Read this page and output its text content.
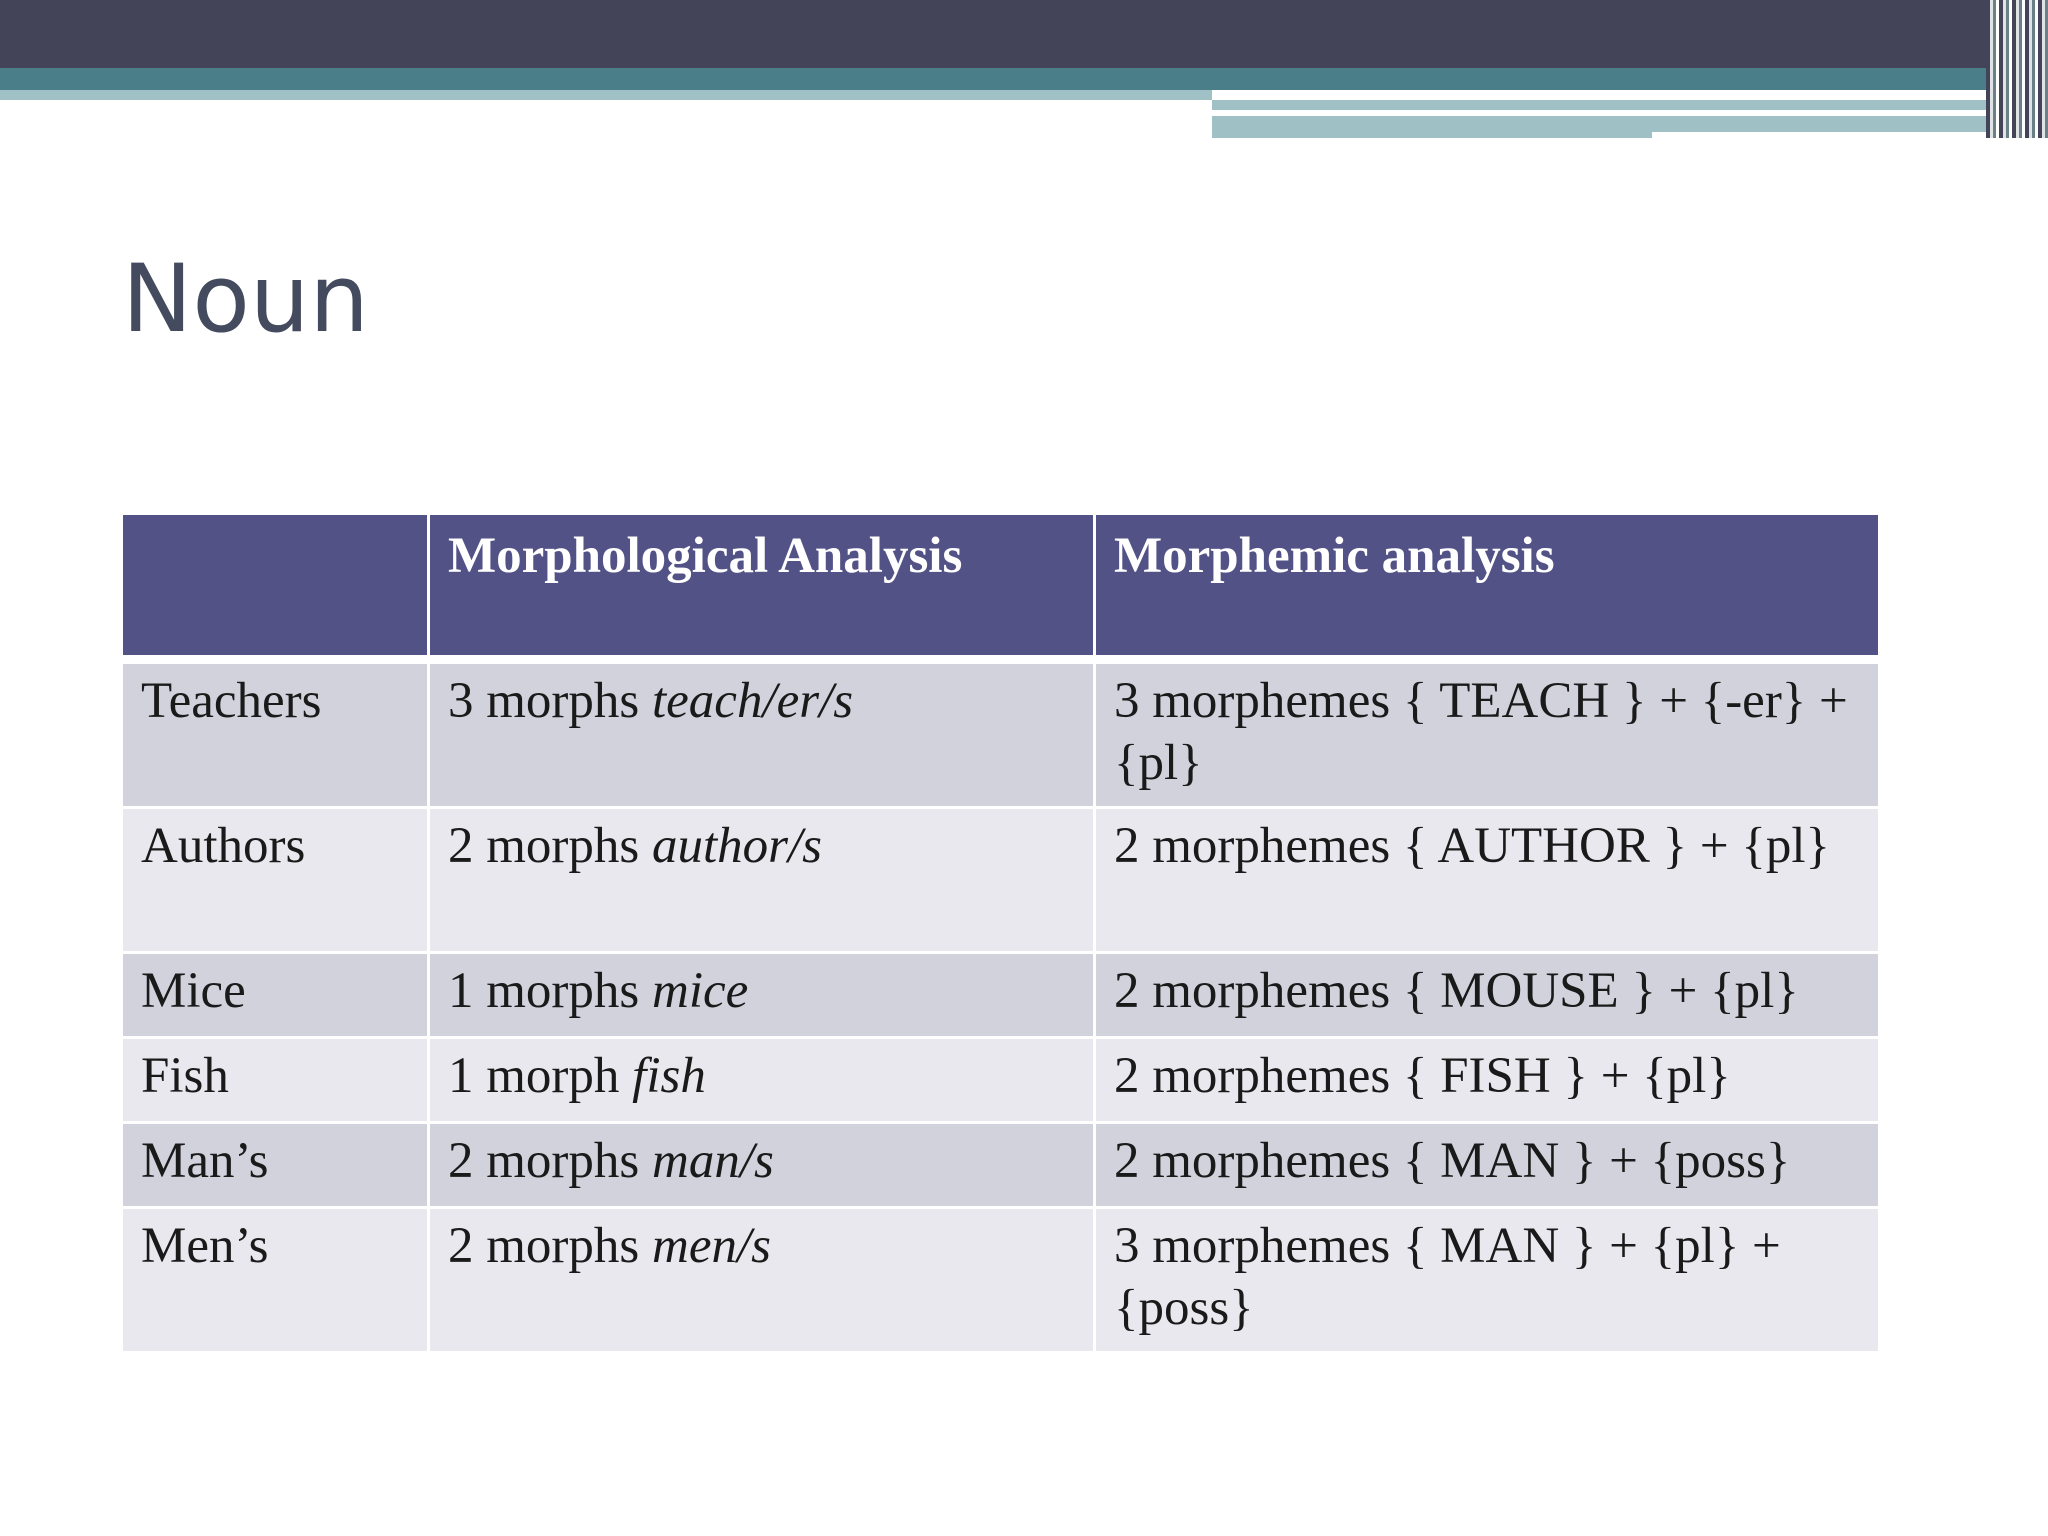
Noun
	Morphological Analysis	Morphemic analysis
Teachers	3 morphs teach/er/s	3 morphemes { TEACH } + {-er} + {pl}
Authors	2 morphs author/s	2 morphemes { AUTHOR } + {pl}
Mice	1 morphs mice	2 morphemes { MOUSE } + {pl}
Fish	1 morph fish	2 morphemes { FISH } + {pl}
Man’s	2 morphs man/s	2 morphemes { MAN } + {poss}
Men’s	2 morphs men/s	3 morphemes { MAN } + {pl} + {poss}
